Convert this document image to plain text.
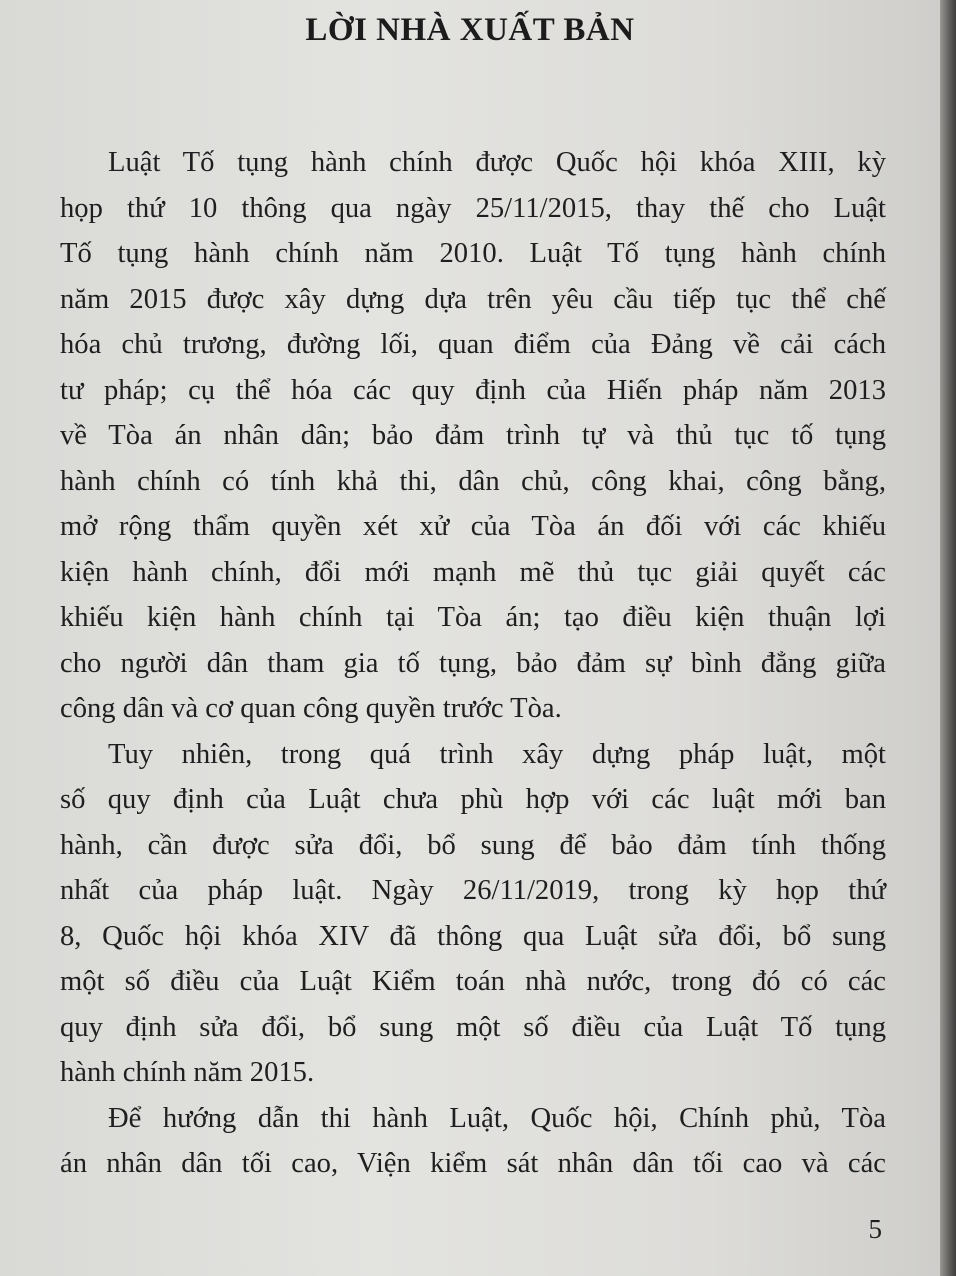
LỜI NHÀ XUẤT BẢN
Luật Tố tụng hành chính được Quốc hội khóa XIII, kỳ
họp thứ 10 thông qua ngày 25/11/2015, thay thế cho Luật
Tố tụng hành chính năm 2010. Luật Tố tụng hành chính
năm 2015 được xây dựng dựa trên yêu cầu tiếp tục thể chế
hóa chủ trương, đường lối, quan điểm của Đảng về cải cách
tư pháp; cụ thể hóa các quy định của Hiến pháp năm 2013
về Tòa án nhân dân; bảo đảm trình tự và thủ tục tố tụng
hành chính có tính khả thi, dân chủ, công khai, công bằng,
mở rộng thẩm quyền xét xử của Tòa án đối với các khiếu
kiện hành chính, đổi mới mạnh mẽ thủ tục giải quyết các
khiếu kiện hành chính tại Tòa án; tạo điều kiện thuận lợi
cho người dân tham gia tố tụng, bảo đảm sự bình đẳng giữa
công dân và cơ quan công quyền trước Tòa.
Tuy nhiên, trong quá trình xây dựng pháp luật, một
số quy định của Luật chưa phù hợp với các luật mới ban
hành, cần được sửa đổi, bổ sung để bảo đảm tính thống
nhất của pháp luật. Ngày 26/11/2019, trong kỳ họp thứ
8, Quốc hội khóa XIV đã thông qua Luật sửa đổi, bổ sung
một số điều của Luật Kiểm toán nhà nước, trong đó có các
quy định sửa đổi, bổ sung một số điều của Luật Tố tụng
hành chính năm 2015.
Để hướng dẫn thi hành Luật, Quốc hội, Chính phủ, Tòa
án nhân dân tối cao, Viện kiểm sát nhân dân tối cao và các
5
